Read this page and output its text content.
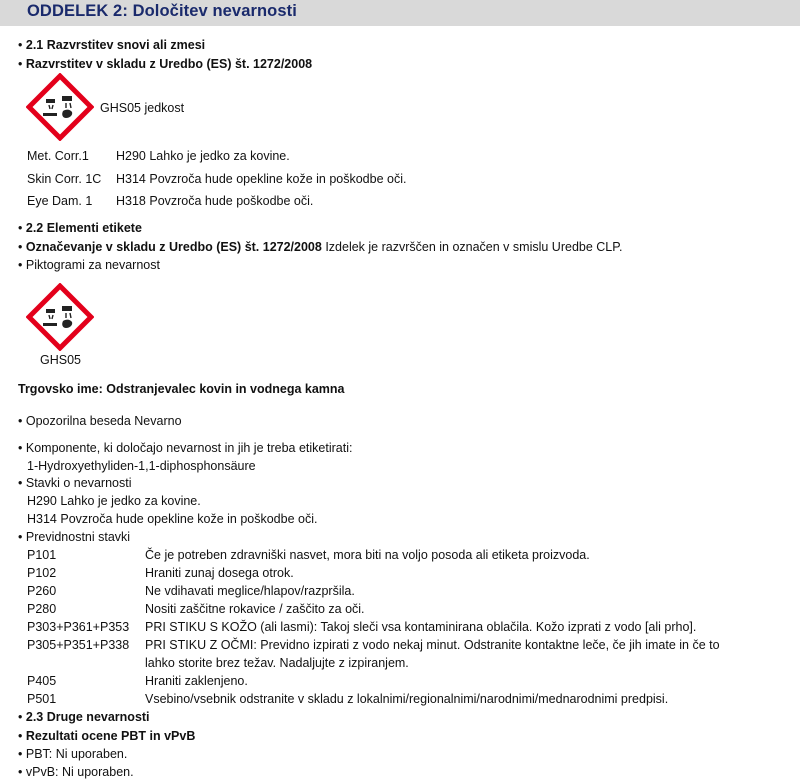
ODDELEK 2: Določitev nevarnosti
• 2.1 Razvrstitev snovi ali zmesi
• Razvrstitev v skladu z Uredbo (ES) št. 1272/2008
GHS05 jedkost
Met. Corr.1 H290 Lahko je jedko za kovine.
Skin Corr. 1C H314 Povzroča hude opekline kože in poškodbe oči.
Eye Dam. 1 H318 Povzroča hude poškodbe oči.
• 2.2 Elementi etikete
• Označevanje v skladu z Uredbo (ES) št. 1272/2008 Izdelek je razvrščen in označen v smislu Uredbe CLP.
• Piktogrami za nevarnost
GHS05
Trgovsko ime: Odstranjevalec kovin in vodnega kamna
• Opozorilna beseda Nevarno
• Komponente, ki določajo nevarnost in jih je treba etiketirati:
1-Hydroxyethyliden-1,1-diphosphonsäure
• Stavki o nevarnosti
H290 Lahko je jedko za kovine.
H314 Povzroča hude opekline kože in poškodbe oči.
• Previdnostni stavki
P101	Če je potreben zdravniški nasvet, mora biti na voljo posoda ali etiketa proizvoda.
P102	Hraniti zunaj dosega otrok.
P260	Ne vdihavati meglice/hlapov/razpršila.
P280	Nositi zaščitne rokavice / zaščito za oči.
P303+P361+P353 PRI STIKU S KOŽO (ali lasmi): Takoj sleči vsa kontaminirana oblačila. Kožo izprati z vodo [ali prho].
P305+P351+P338 PRI STIKU Z OČMI: Previdno izpirati z vodo nekaj minut. Odstranite kontaktne leče, če jih imate in če to
lahko storite brez težav. Nadaljujte z izpiranjem.
P405	Hraniti zaklenjeno.
P501	Vsebino/vsebnik odstranite v skladu z lokalnimi/regionalnimi/narodnimi/mednarodnimi predpisi.
• 2.3 Druge nevarnosti
• Rezultati ocene PBT in vPvB
• PBT: Ni uporaben.
• vPvB: Ni uporaben.
